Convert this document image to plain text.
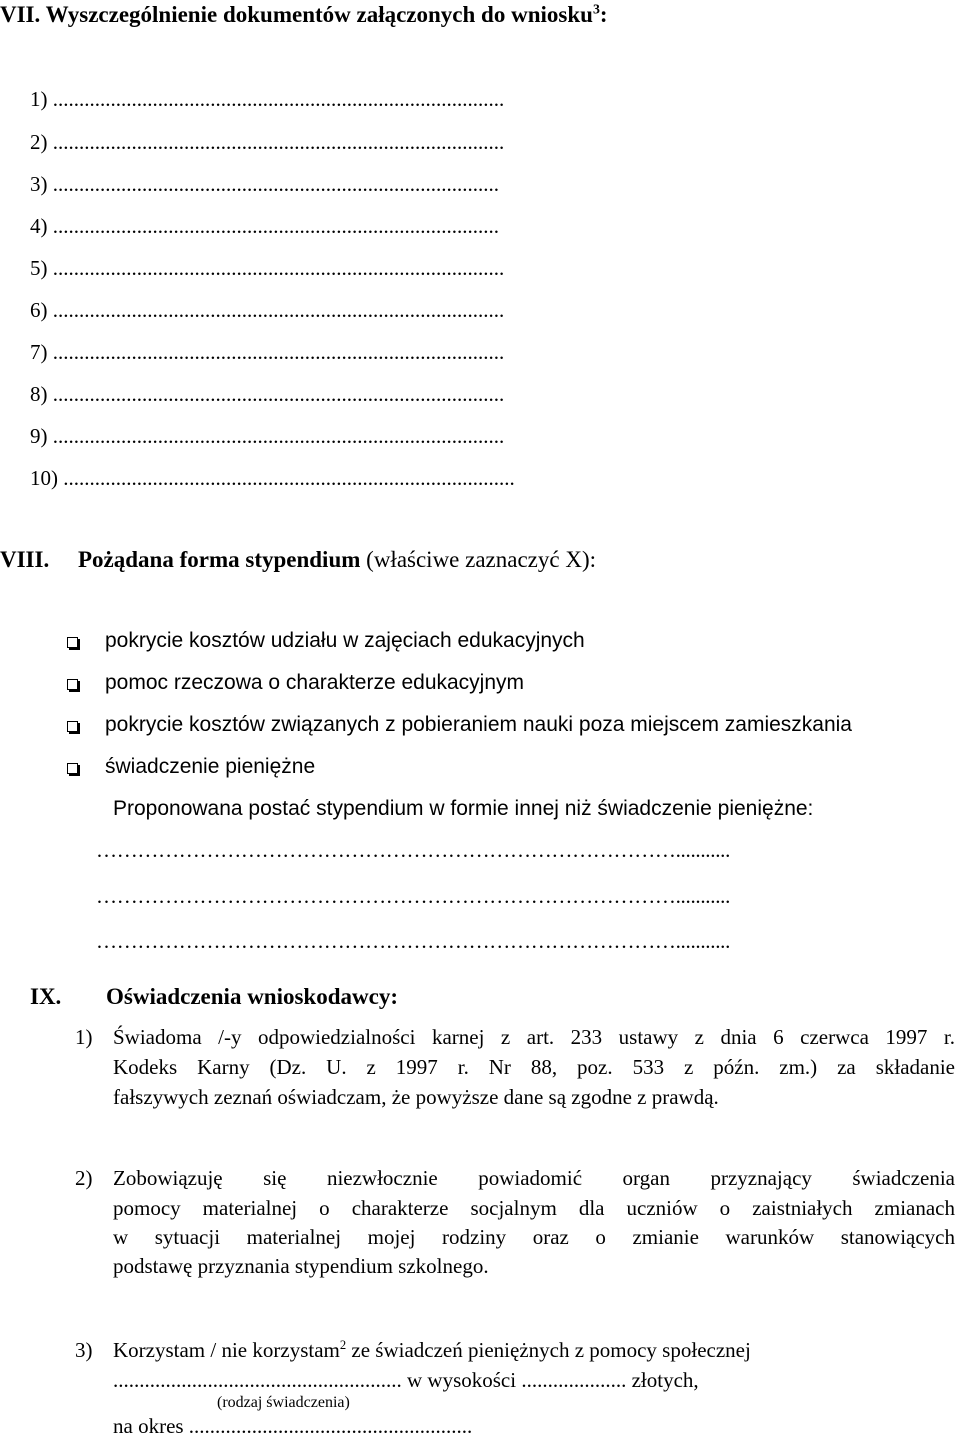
VII. Wyszczególnienie dokumentów załączonych do wniosku$^3$:
1) ......................................................................................
2) ......................................................................................
3) .....................................................................................
4) .....................................................................................
5) ......................................................................................
6) ......................................................................................
7) ......................................................................................
8) ......................................................................................
9) ......................................................................................
10) ......................................................................................
VIII. Pożądana forma stypendium (właściwe zaznaczyć X):
pokrycie kosztów udziału w zajęciach edukacyjnych
pomoc rzeczowa o charakterze edukacyjnym
pokrycie kosztów związanych z pobieraniem nauki poza miejscem zamieszkania
świadczenie pieniężne
Proponowana postać stypendium w formie innej niż świadczenie pieniężne:
…………………………………………………………………………...........
…………………………………………………………………………...........
…………………………………………………………………………...........
IX. Oświadczenia wnioskodawcy:
1) Świadoma /-y odpowiedzialności karnej z art. 233 ustawy z dnia 6 czerwca 1997 r.
Kodeks Karny (Dz. U. z 1997 r. Nr 88, poz. 533 z późn. zm.) za składanie
fałszywych zeznań oświadczam, że powyższe dane są zgodne z prawdą.
2) Zobowiązuję się niezwłocznie powiadomić organ przyznający świadczenia
pomocy materialnej o charakterze socjalnym dla uczniów o zaistniałych zmianach
w sytuacji materialnej mojej rodziny oraz o zmianie warunków stanowiących
podstawę przyznania stypendium szkolnego.
3) Korzystam / nie korzystam$^2$ ze świadczeń pieniężnych z pomocy społecznej
....................................................... w wysokości .................... złotych,
(rodzaj świadczenia)
na okres ......................................................
